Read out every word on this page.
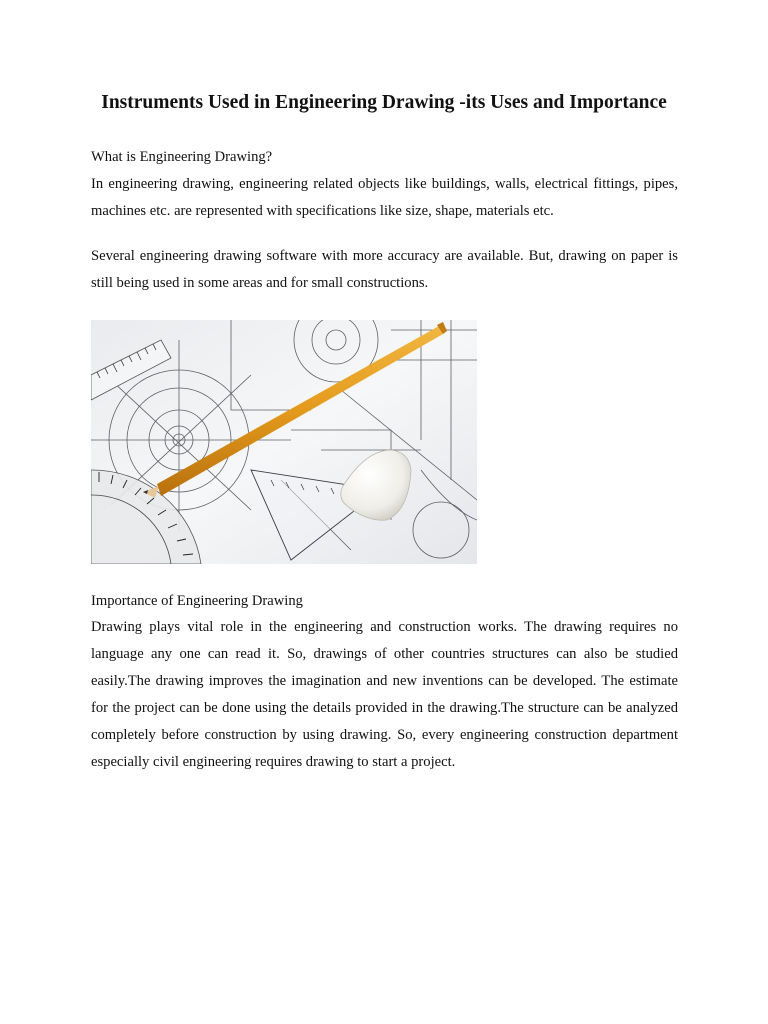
Instruments Used in Engineering Drawing -its Uses and Importance

What is Engineering Drawing?

In engineering drawing, engineering related objects like buildings, walls, electrical fittings, pipes, machines etc. are represented with specifications like size, shape, materials etc.

Several engineering drawing software with more accuracy are available. But, drawing on paper is still being used in some areas and for small constructions.

Importance of Engineering Drawing

Drawing plays vital role in the engineering and construction works. The drawing requires no language any one can read it. So, drawings of other countries structures can also be studied easily.The drawing improves the imagination and new inventions can be developed. The estimate for the project can be done using the details provided in the drawing.The structure can be analyzed completely before construction by using drawing. So, every engineering construction department especially civil engineering requires drawing to start a project.
